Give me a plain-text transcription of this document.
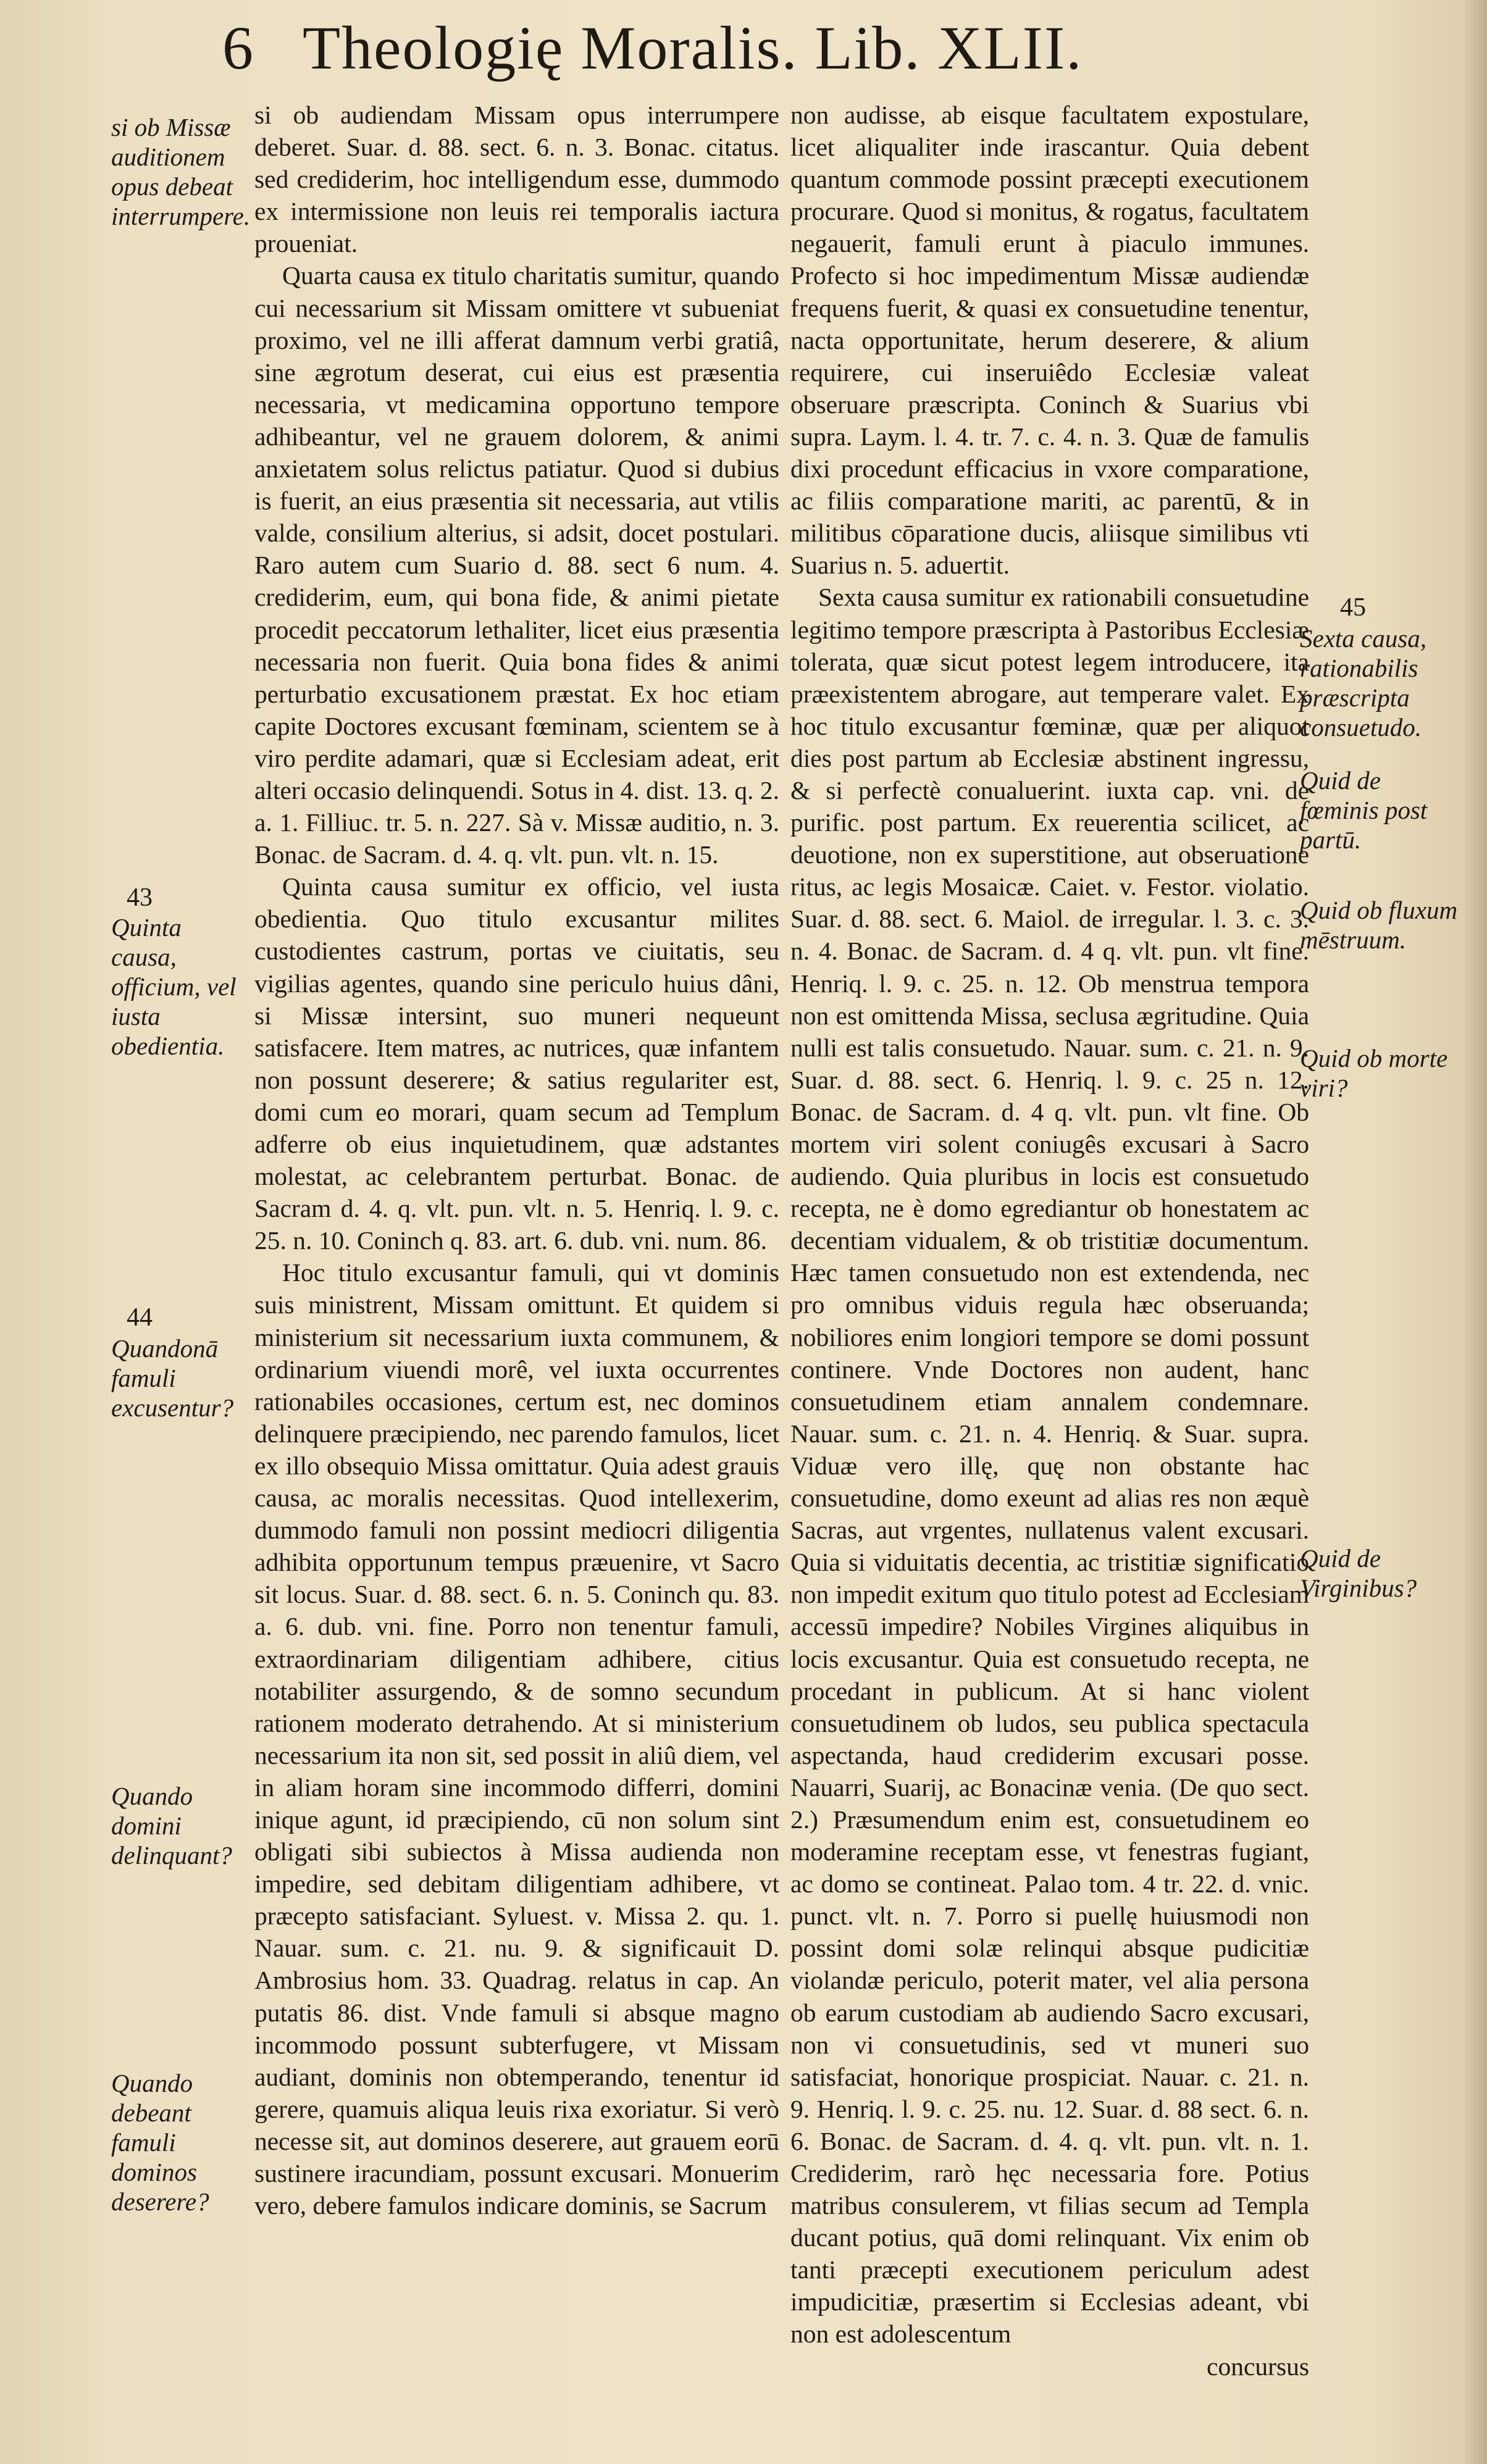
6 Theologię Moralis. Lib. XLII.

si ob audiendam Missam opus interrumpere deberet. Suar. d. 88. sect. 6. n. 3. Bonac. citatus. sed crediderim, hoc intelligendum esse, dummodo ex intermissione non leuis rei temporalis iactura proueniat.

Quarta causa ex titulo charitatis sumitur, quando cui necessarium sit Missam omittere vt subueniat proximo, vel ne illi afferat damnum verbi gratiâ, sine ægrotum deserat, cui eius est præsentia necessaria, vt medicamina opportuno tempore adhibeantur, vel ne grauem dolorem, & animi anxietatem solus relictus patiatur. Quod si dubius is fuerit, an eius præsentia sit necessaria, aut vtilis valde, consilium alterius, si adsit, docet postulari. Raro autem cum Suario d. 88. sect 6 num. 4. crediderim, eum, qui bona fide, & animi pietate procedit peccatorum lethaliter, licet eius præsentia necessaria non fuerit. Quia bona fides & animi perturbatio excusationem præstat. Ex hoc etiam capite Doctores excusant fœminam, scientem se à viro perdite adamari, quæ si Ecclesiam adeat, erit alteri occasio delinquendi. Sotus in 4. dist. 13. q. 2. a. 1. Filliuc. tr. 5. n. 227. Sà v. Missæ auditio, n. 3. Bonac. de Sacram. d. 4. q. vlt. pun. vlt. n. 15.

Quinta causa sumitur ex officio, vel iusta obedientia. Quo titulo excusantur milites custodientes castrum, portas ve ciuitatis, seu vigilias agentes, quando sine periculo huius dâni, si Missæ intersint, suo muneri nequeunt satisfacere. Item matres, ac nutrices, quæ infantem non possunt deserere; & satius regulariter est, domi cum eo morari, quam secum ad Templum adferre ob eius inquietudinem, quæ adstantes molestat, ac celebrantem perturbat. Bonac. de Sacram d. 4. q. vlt. pun. vlt. n. 5. Henriq. l. 9. c. 25. n. 10. Coninch q. 83. art. 6. dub. vni. num. 86.

Hoc titulo excusantur famuli, qui vt dominis suis ministrent, Missam omittunt. Et quidem si ministerium sit necessarium iuxta communem, & ordinarium viuendi morê, vel iuxta occurrentes rationabiles occasiones, certum est, nec dominos delinquere præcipiendo, nec parendo famulos, licet ex illo obsequio Missa omittatur. Quia adest grauis causa, ac moralis necessitas. Quod intellexerim, dummodo famuli non possint mediocri diligentia adhibita opportunum tempus præuenire, vt Sacro sit locus. Suar. d. 88. sect. 6. n. 5. Coninch qu. 83. a. 6. dub. vni. fine. Porro non tenentur famuli, extraordinariam diligentiam adhibere, citius notabiliter assurgendo, & de somno secundum rationem moderato detrahendo. At si ministerium necessarium ita non sit, sed possit in aliû diem, vel in aliam horam sine incommodo differri, domini inique agunt, id præcipiendo, cū non solum sint obligati sibi subiectos à Missa audienda non impedire, sed debitam diligentiam adhibere, vt præcepto satisfaciant. Syluest. v. Missa 2. qu. 1. Nauar. sum. c. 21. nu. 9. & significauit D. Ambrosius hom. 33. Quadrag. relatus in cap. An putatis 86. dist. Vnde famuli si absque magno incommodo possunt subterfugere, vt Missam audiant, dominis non obtemperando, tenentur id gerere, quamuis aliqua leuis rixa exoriatur. Si verò necesse sit, aut dominos deserere, aut grauem eorū sustinere iracundiam, possunt excusari. Monuerim vero, debere famulos indicare dominis, se Sacrum

non audisse, ab eisque facultatem expostulare, licet aliqualiter inde irascantur. Quia debent quantum commode possint præcepti executionem procurare. Quod si monitus, & rogatus, facultatem negauerit, famuli erunt à piaculo immunes. Profecto si hoc impedimentum Missæ audiendæ frequens fuerit, & quasi ex consuetudine tenentur, nacta opportunitate, herum deserere, & alium requirere, cui inseruiêdo Ecclesiæ valeat obseruare præscripta. Coninch & Suarius vbi supra. Laym. l. 4. tr. 7. c. 4. n. 3. Quæ de famulis dixi procedunt efficacius in vxore comparatione, ac filiis comparatione mariti, ac parentū, & in militibus cōparatione ducis, aliisque similibus vti Suarius n. 5. aduertit.

Sexta causa sumitur ex rationabili consuetudine legitimo tempore præscripta à Pastoribus Ecclesiæ tolerata, quæ sicut potest legem introducere, ita præexistentem abrogare, aut temperare valet. Ex hoc titulo excusantur fœminæ, quæ per aliquot dies post partum ab Ecclesiæ abstinent ingressu, & si perfectè conualuerint. iuxta cap. vni. de purific. post partum. Ex reuerentia scilicet, ac deuotione, non ex superstitione, aut obseruatione ritus, ac legis Mosaicæ. Caiet. v. Festor. violatio. Suar. d. 88. sect. 6. Maiol. de irregular. l. 3. c. 3. n. 4. Bonac. de Sacram. d. 4 q. vlt. pun. vlt fine. Henriq. l. 9. c. 25. n. 12. Ob menstrua tempora non est omittenda Missa, seclusa ægritudine. Quia nulli est talis consuetudo. Nauar. sum. c. 21. n. 9. Suar. d. 88. sect. 6. Henriq. l. 9. c. 25 n. 12. Bonac. de Sacram. d. 4 q. vlt. pun. vlt fine. Ob mortem viri solent coniugês excusari à Sacro audiendo. Quia pluribus in locis est consuetudo recepta, ne è domo egrediantur ob honestatem ac decentiam vidualem, & ob tristitiæ documentum. Hæc tamen consuetudo non est extendenda, nec pro omnibus viduis regula hæc obseruanda; nobiliores enim longiori tempore se domi possunt continere. Vnde Doctores non audent, hanc consuetudinem etiam annalem condemnare. Nauar. sum. c. 21. n. 4. Henriq. & Suar. supra. Viduæ vero illę, quę non obstante hac consuetudine, domo exeunt ad alias res non æquè Sacras, aut vrgentes, nullatenus valent excusari. Quia si viduitatis decentia, ac tristitiæ significatio non impedit exitum quo titulo potest ad Ecclesiam accessū impedire? Nobiles Virgines aliquibus in locis excusantur. Quia est consuetudo recepta, ne procedant in publicum. At si hanc violent consuetudinem ob ludos, seu publica spectacula aspectanda, haud crediderim excusari posse. Nauarri, Suarij, ac Bonacinæ venia. (De quo sect. 2.) Præsumendum enim est, consuetudinem eo moderamine receptam esse, vt fenestras fugiant, ac domo se contineat. Palao tom. 4 tr. 22. d. vnic. punct. vlt. n. 7. Porro si puellę huiusmodi non possint domi solæ relinqui absque pudicitiæ violandæ periculo, poterit mater, vel alia persona ob earum custodiam ab audiendo Sacro excusari, non vi consuetudinis, sed vt muneri suo satisfaciat, honorique prospiciat. Nauar. c. 21. n. 9. Henriq. l. 9. c. 25. nu. 12. Suar. d. 88 sect. 6. n. 6. Bonac. de Sacram. d. 4. q. vlt. pun. vlt. n. 1. Crediderim, rarò hęc necessaria fore. Potius matribus consulerem, vt filias secum ad Templa ducant potius, quā domi relinquant. Vix enim ob tanti præcepti executionem periculum adest impudicitiæ, præsertim si Ecclesias adeant, vbi non est adolescentum

concursus

si ob Missæ auditionem opus debeat interrumpere.
43
Quinta causa, officium, vel iusta obedientia.
44
Quandonā famuli excusentur?
Quando domini delinquant?
Quando debeant famuli dominos deserere?
45
Sexta causa, rationabilis præscripta consuetudo.
Quid de fœminis post partū.
Quid ob fluxum mēstruum.
Quid ob morte viri?
Quid de Virginibus?
